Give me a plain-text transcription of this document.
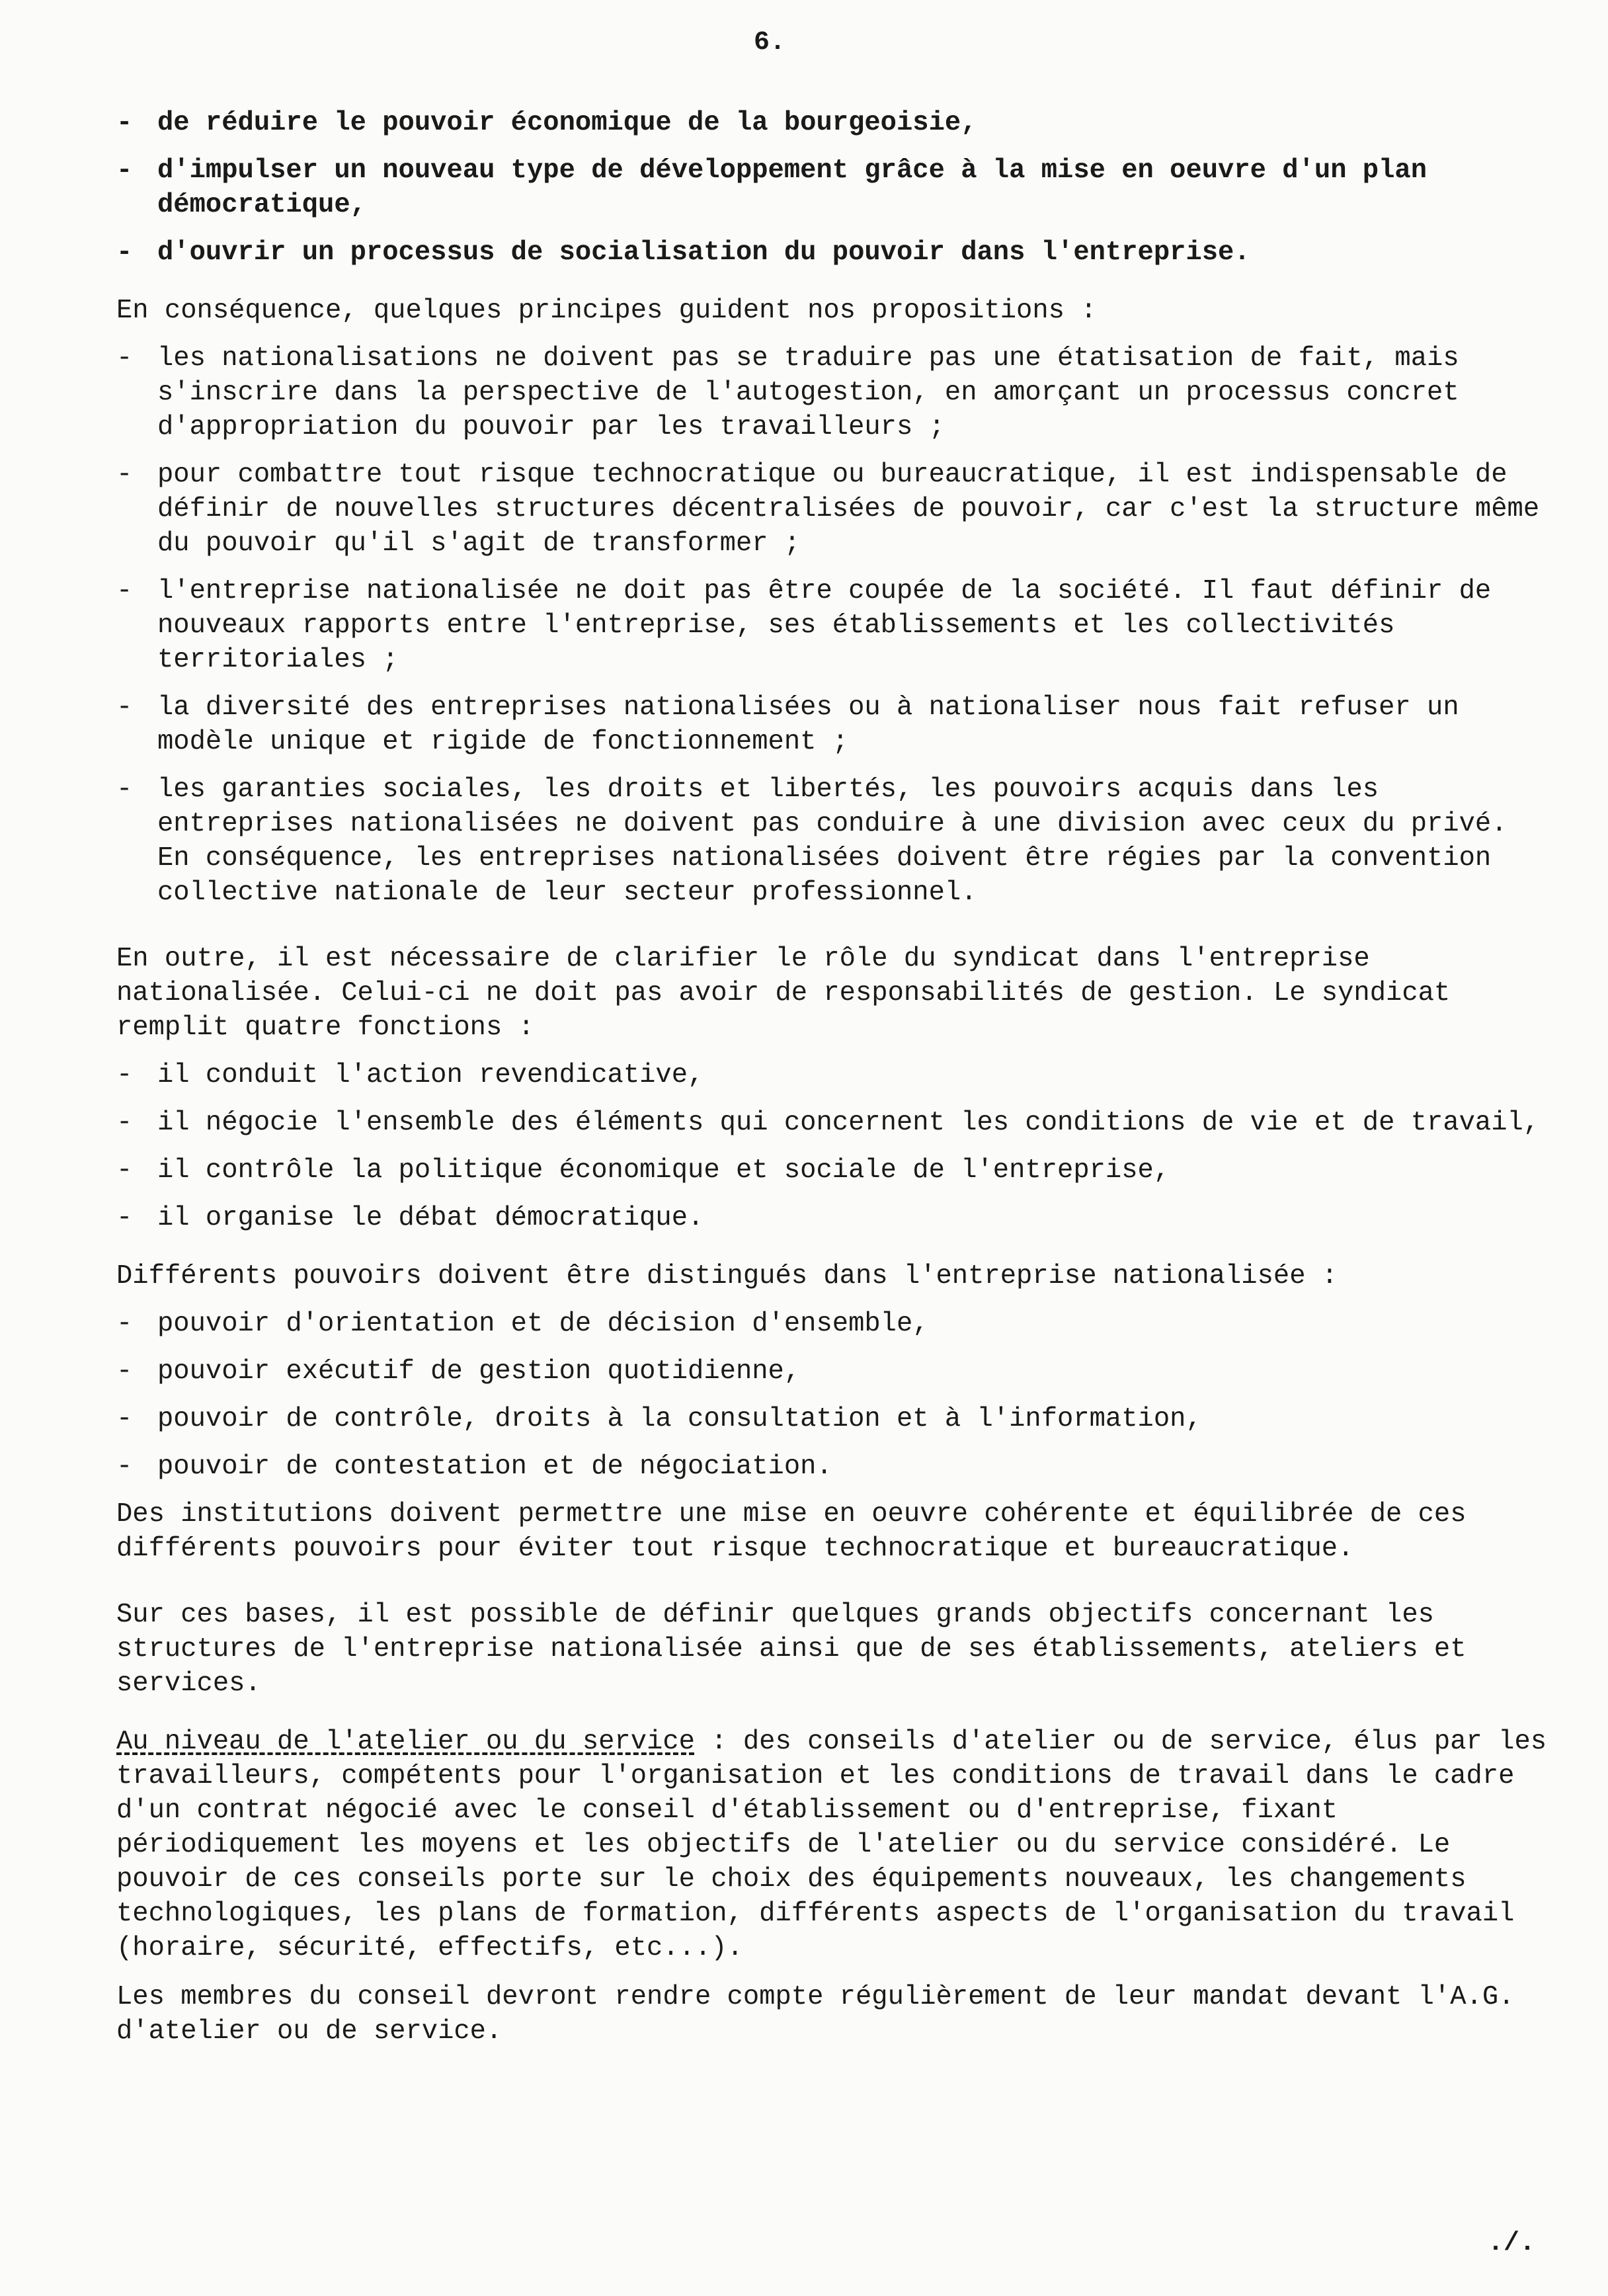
6.
- de réduire le pouvoir économique de la bourgeoisie,
- d'impulser un nouveau type de développement grâce à la mise en oeuvre d'un plan démocratique,
- d'ouvrir un processus de socialisation du pouvoir dans l'entreprise.

En conséquence, quelques principes guident nos propositions :

- les nationalisations ne doivent pas se traduire pas une étatisation de fait, mais s'inscrire dans la perspective de l'autogestion, en amorçant un processus concret d'appropriation du pouvoir par les travailleurs ;
- pour combattre tout risque technocratique ou bureaucratique, il est indispensable de définir de nouvelles structures décentralisées de pouvoir, car c'est la structure même du pouvoir qu'il s'agit de transformer ;
- l'entreprise nationalisée ne doit pas être coupée de la société. Il faut définir de nouveaux rapports entre l'entreprise, ses établissements et les collectivités territoriales ;
- la diversité des entreprises nationalisées ou à nationaliser nous fait refuser un modèle unique et rigide de fonctionnement ;
- les garanties sociales, les droits et libertés, les pouvoirs acquis dans les entreprises nationalisées ne doivent pas conduire à une division avec ceux du privé.
En conséquence, les entreprises nationalisées doivent être régies par la convention collective nationale de leur secteur professionnel.

En outre, il est nécessaire de clarifier le rôle du syndicat dans l'entreprise nationalisée. Celui-ci ne doit pas avoir de responsabilités de gestion. Le syndicat remplit quatre fonctions :

- il conduit l'action revendicative,
- il négocie l'ensemble des éléments qui concernent les conditions de vie et de travail,
- il contrôle la politique économique et sociale de l'entreprise,
- il organise le débat démocratique.

Différents pouvoirs doivent être distingués dans l'entreprise nationalisée :

- pouvoir d'orientation et de décision d'ensemble,
- pouvoir exécutif de gestion quotidienne,
- pouvoir de contrôle, droits à la consultation et à l'information,
- pouvoir de contestation et de négociation.

Des institutions doivent permettre une mise en oeuvre cohérente et équilibrée de ces différents pouvoirs pour éviter tout risque technocratique et bureaucratique.

Sur ces bases, il est possible de définir quelques grands objectifs concernant les structures de l'entreprise nationalisée ainsi que de ses établissements, ateliers et services.

Au niveau de l'atelier ou du service : des conseils d'atelier ou de service, élus par les travailleurs, compétents pour l'organisation et les conditions de travail dans le cadre d'un contrat négocié avec le conseil d'établissement ou d'entreprise, fixant périodiquement les moyens et les objectifs de l'atelier ou du service considéré. Le pouvoir de ces conseils porte sur le choix des équipements nouveaux, les changements technologiques, les plans de formation, différents aspects de l'organisation du travail (horaire, sécurité, effectifs, etc...).

Les membres du conseil devront rendre compte régulièrement de leur mandat devant l'A.G. d'atelier ou de service.

./.
